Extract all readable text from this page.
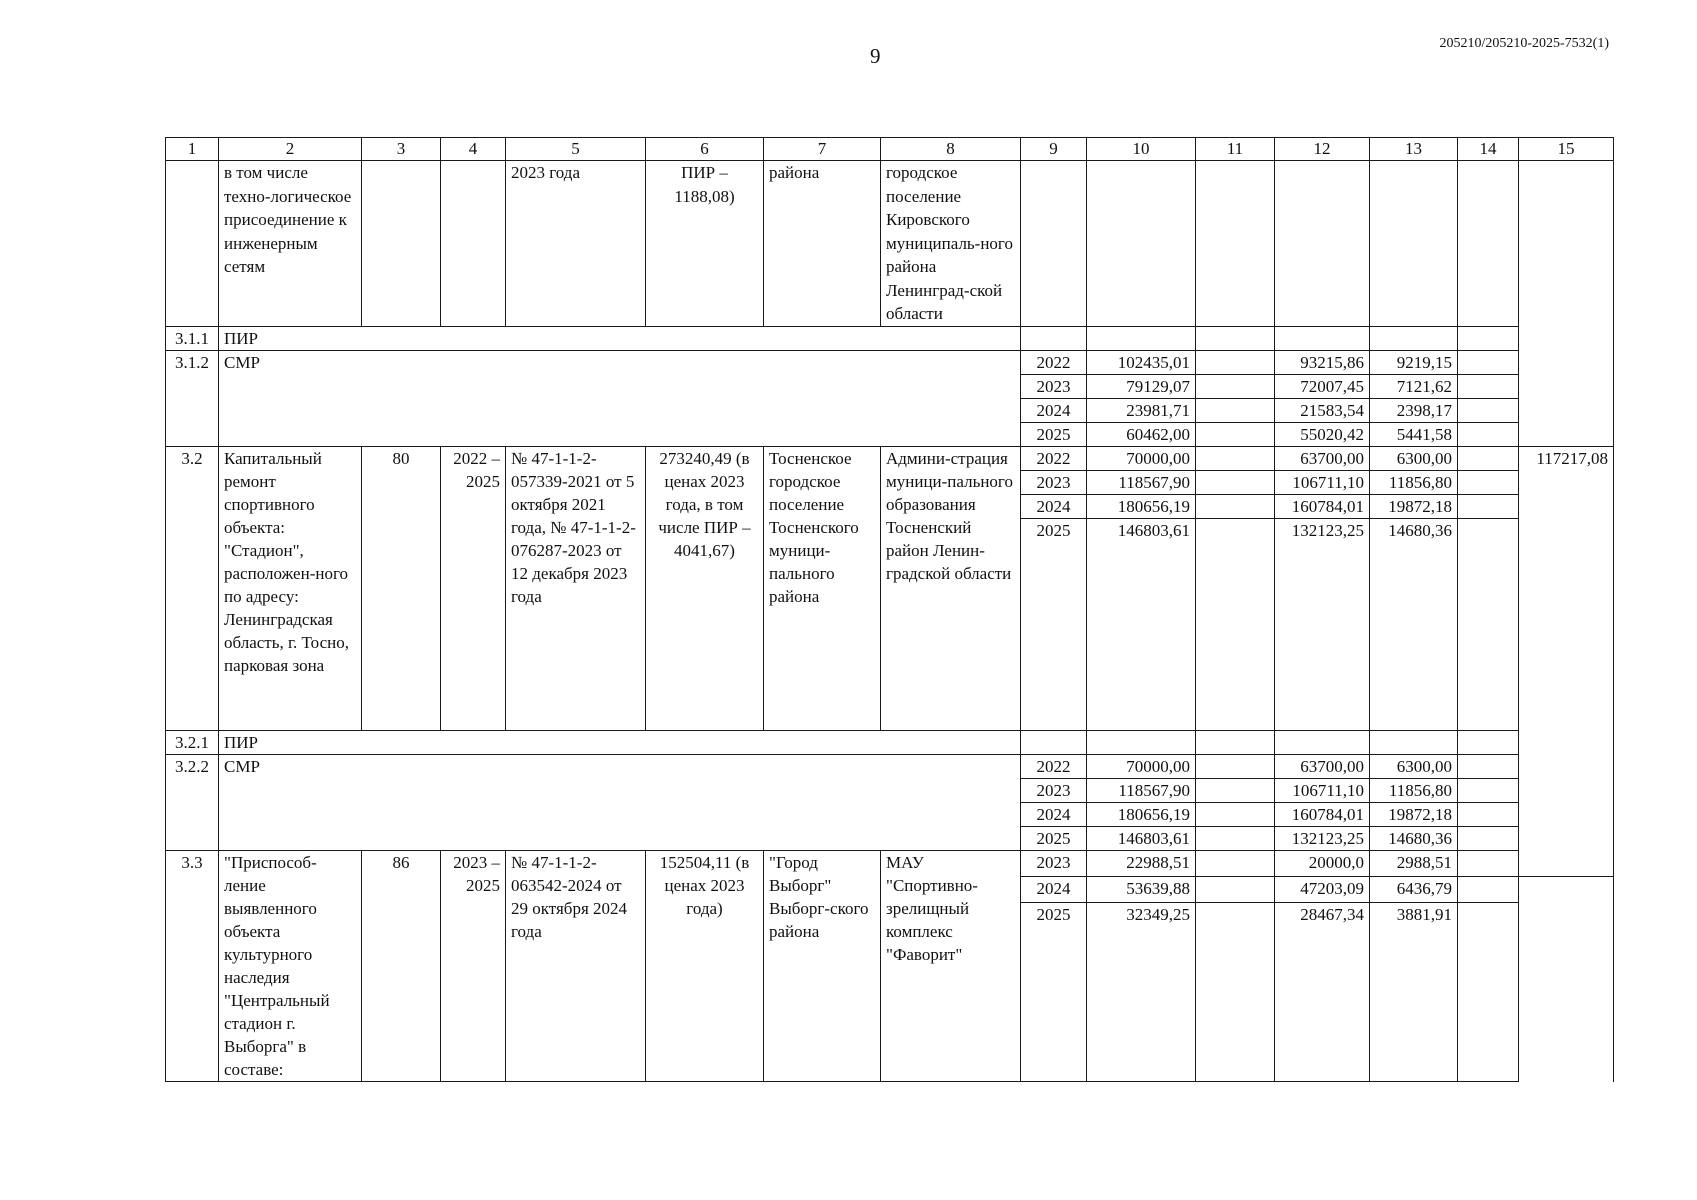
9
205210/205210-2025-7532(1)
1	2	3	4	5	6	7	8	9	10	11	12	13	14	15	
	в том числе техно-логическое присоединение к инженерным сетям			2023 года	ПИР – 1188,08)	района	городское поселение Кировского муниципаль-ного района Ленинград-ской области								
3.1.1	ПИР														
3.1.2	СМР							2022	102435,01		93215,86	9219,15			
								2023	79129,07		72007,45	7121,62			
								2024	23981,71		21583,54	2398,17			
								2025	60462,00		55020,42	5441,58			
3.2	Капитальный ремонт спортивного объекта: "Стадион", расположен-ного по адресу: Ленинградская область, г. Тосно, парковая зона	80	2022 – 2025	№ 47-1-1-2-057339-2021 от 5 октября 2021 года, № 47-1-1-2-076287-2023 от 12 декабря 2023 года	273240,49 (в ценах 2023 года, в том числе ПИР – 4041,67)	Тосненское городское поселение Тосненского муници-пального района	Админи-страция муници-пального образования Тосненский район Ленин-градской области	2022	70000,00		63700,00	6300,00		117217,08	
								2023	118567,90		106711,10	11856,80			
								2024	180656,19		160784,01	19872,18			
								2025	146803,61		132123,25	14680,36			
3.2.1	ПИР														
3.2.2	СМР							2022	70000,00		63700,00	6300,00			
								2023	118567,90		106711,10	11856,80			
								2024	180656,19		160784,01	19872,18			
								2025	146803,61		132123,25	14680,36			
3.3	"Приспособ-ление выявленного объекта культурного наследия "Центральный стадион г. Выборга" в составе:	86	2023 – 2025	№ 47-1-1-2-063542-2024 от 29 октября 2024 года	152504,11 (в ценах 2023 года)	"Город Выборг" Выборг-ского района	МАУ "Спортивно-зрелищный комплекс "Фаворит"	2023	22988,51		20000,0	2988,51		
								2024	53639,88		47203,09	6436,79			
								2025	32349,25		28467,34	3881,91			
